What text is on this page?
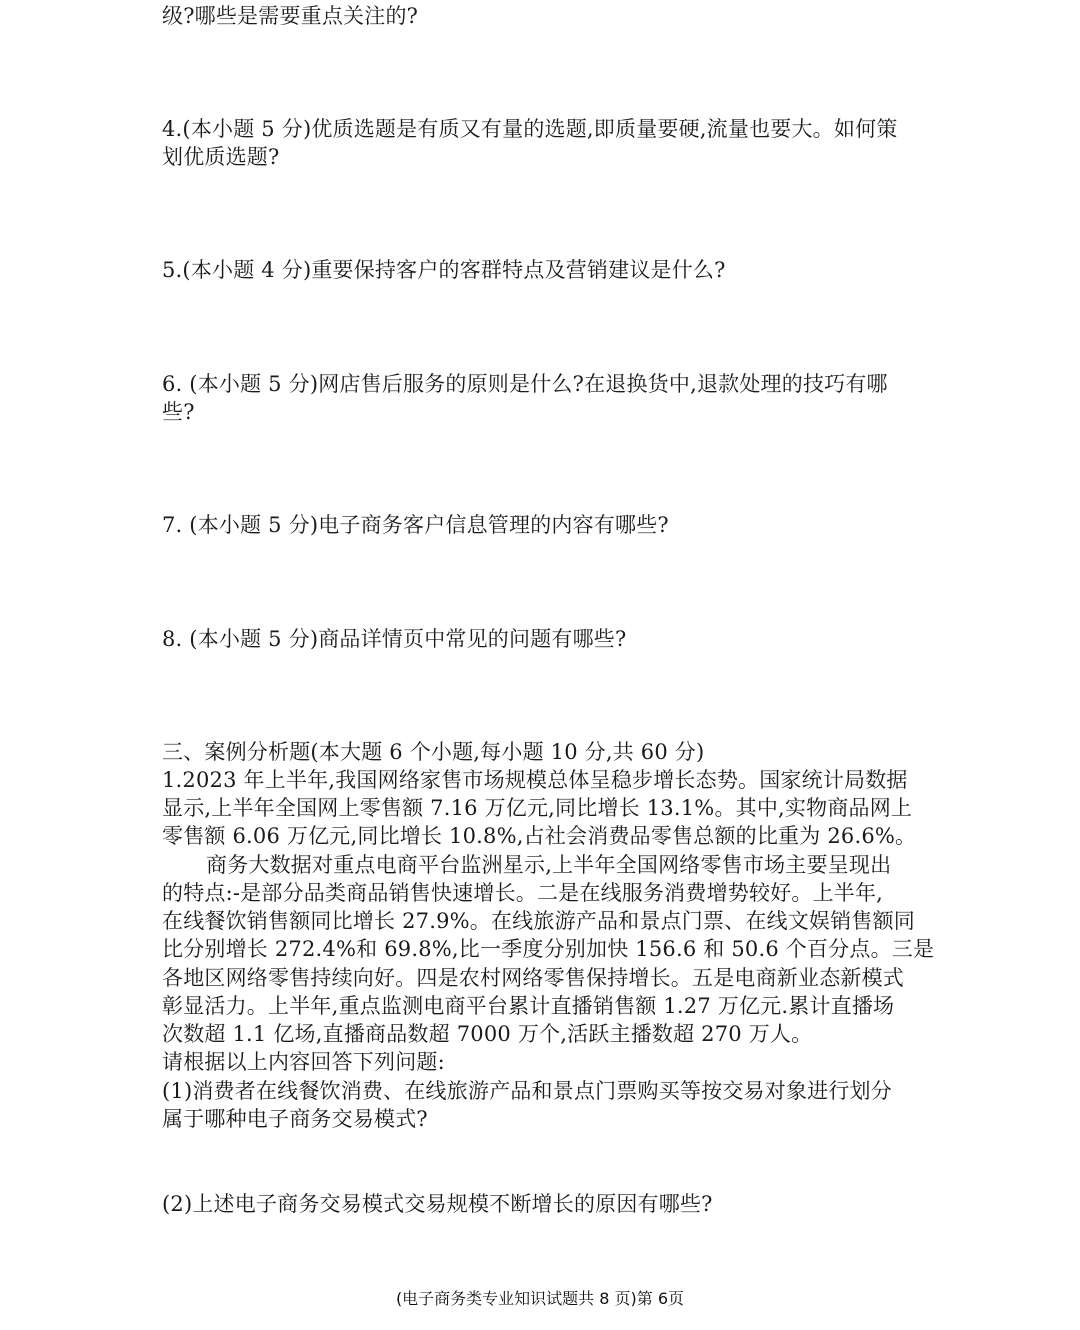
级?哪些是需要重点关注的?
4.(本小题 5 分)优质选题是有质又有量的选题,即质量要硬,流量也要大。如何策
划优质选题?
5.(本小题 4 分)重要保持客户的客群特点及营销建议是什么?
6. (本小题 5 分)网店售后服务的原则是什么?在退换货中,退款处理的技巧有哪
些?
7. (本小题 5 分)电子商务客户信息管理的内容有哪些?
8. (本小题 5 分)商品详情页中常见的问题有哪些?
三、案例分析题(本大题 6 个小题,每小题 10 分,共 60 分)
1.2023 年上半年,我国网络家售市场规模总体呈稳步增长态势。国家统计局数据
显示,上半年全国网上零售额 7.16 万亿元,同比增长 13.1%。其中,实物商品网上
零售额 6.06 万亿元,同比增长 10.8%,占社会消费品零售总额的比重为 26.6%。
商务大数据对重点电商平台监洲星示,上半年全国网络零售市场主要呈现出
的特点:-是部分品类商品销售快速增长。二是在线服务消费增势较好。上半年,
在线餐饮销售额同比增长 27.9%。在线旅游产品和景点门票、在线文娱销售额同
比分别增长 272.4%和 69.8%,比一季度分别加快 156.6 和 50.6 个百分点。三是
各地区网络零售持续向好。四是农村网络零售保持增长。五是电商新业态新模式
彰显活力。上半年,重点监测电商平台累计直播销售额 1.27 万亿元.累计直播场
次数超 1.1 亿场,直播商品数超 7000 万个,活跃主播数超 270 万人。
请根据以上内容回答下列问题:
(1)消费者在线餐饮消费、在线旅游产品和景点门票购买等按交易对象进行划分
属于哪种电子商务交易模式?
(2)上述电子商务交易模式交易规模不断增长的原因有哪些?
(电子商务类专业知识试题共 8 页)第 6页
